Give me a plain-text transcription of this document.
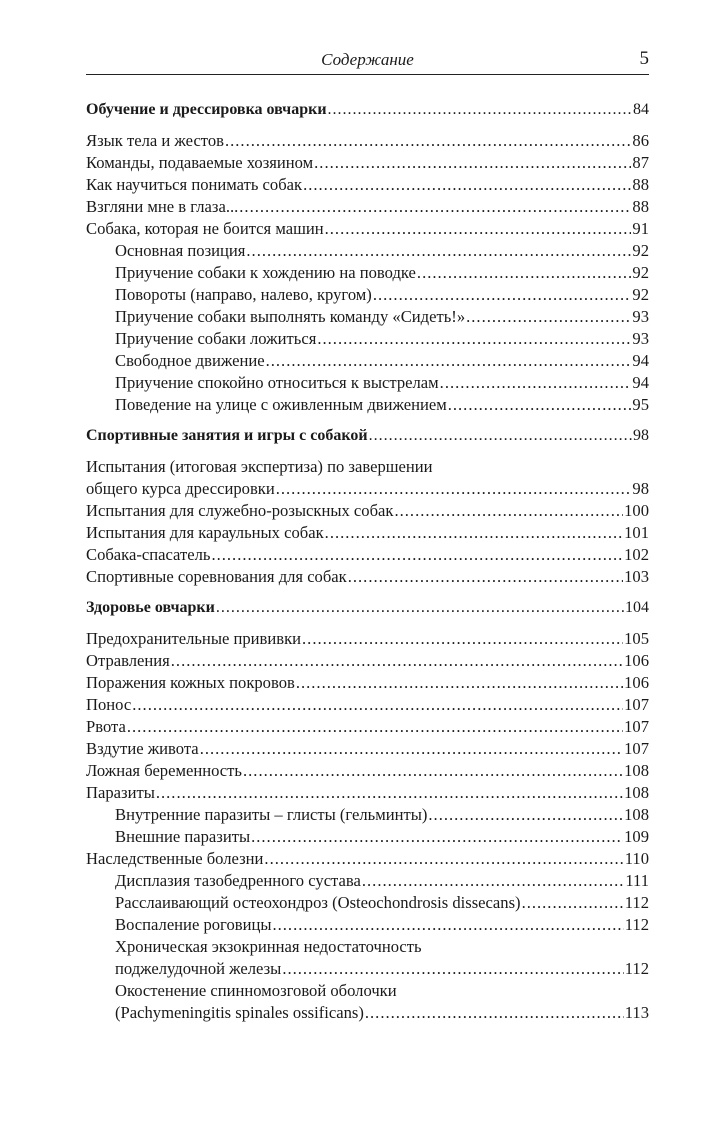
Содержание	5
Обучение и дрессировка овчарки .....	84
Язык тела и жестов .....	86
Команды, подаваемые хозяином .....	87
Как научиться понимать собак .....	88
Взгляни мне в глаза... .....	88
Собака, которая не боится машин .....	91
Основная позиция .....	92
Приучение собаки к хождению на поводке .....	92
Повороты (направо, налево, кругом) .....	92
Приучение собаки выполнять команду «Сидеть!» .....	93
Приучение собаки ложиться .....	93
Свободное движение .....	94
Приучение спокойно относиться к выстрелам .....	94
Поведение на улице с оживленным движением .....	95
Спортивные занятия и игры с собакой .....	98
Испытания (итоговая экспертиза) по завершении
общего курса дрессировки .....	98
Испытания для служебно-розыскных собак .....	100
Испытания для караульных собак .....	101
Собака-спасатель .....	102
Спортивные соревнования для собак .....	103
Здоровье овчарки .....	104
Предохранительные прививки .....	105
Отравления .....	106
Поражения кожных покровов .....	106
Понос .....	107
Рвота .....	107
Вздутие живота .....	107
Ложная беременность .....	108
Паразиты .....	108
Внутренние паразиты – глисты (гельминты) .....	108
Внешние паразиты .....	109
Наследственные болезни .....	110
Дисплазия тазобедренного сустава .....	111
Расслаивающий остеохондроз (Osteochondrosis dissecans) .....	112
Воспаление роговицы .....	112
Хроническая экзокринная недостаточность
поджелудочной железы .....	112
Окостенение спинномозговой оболочки
(Pachymeningitis spinales ossificans) .....	113
